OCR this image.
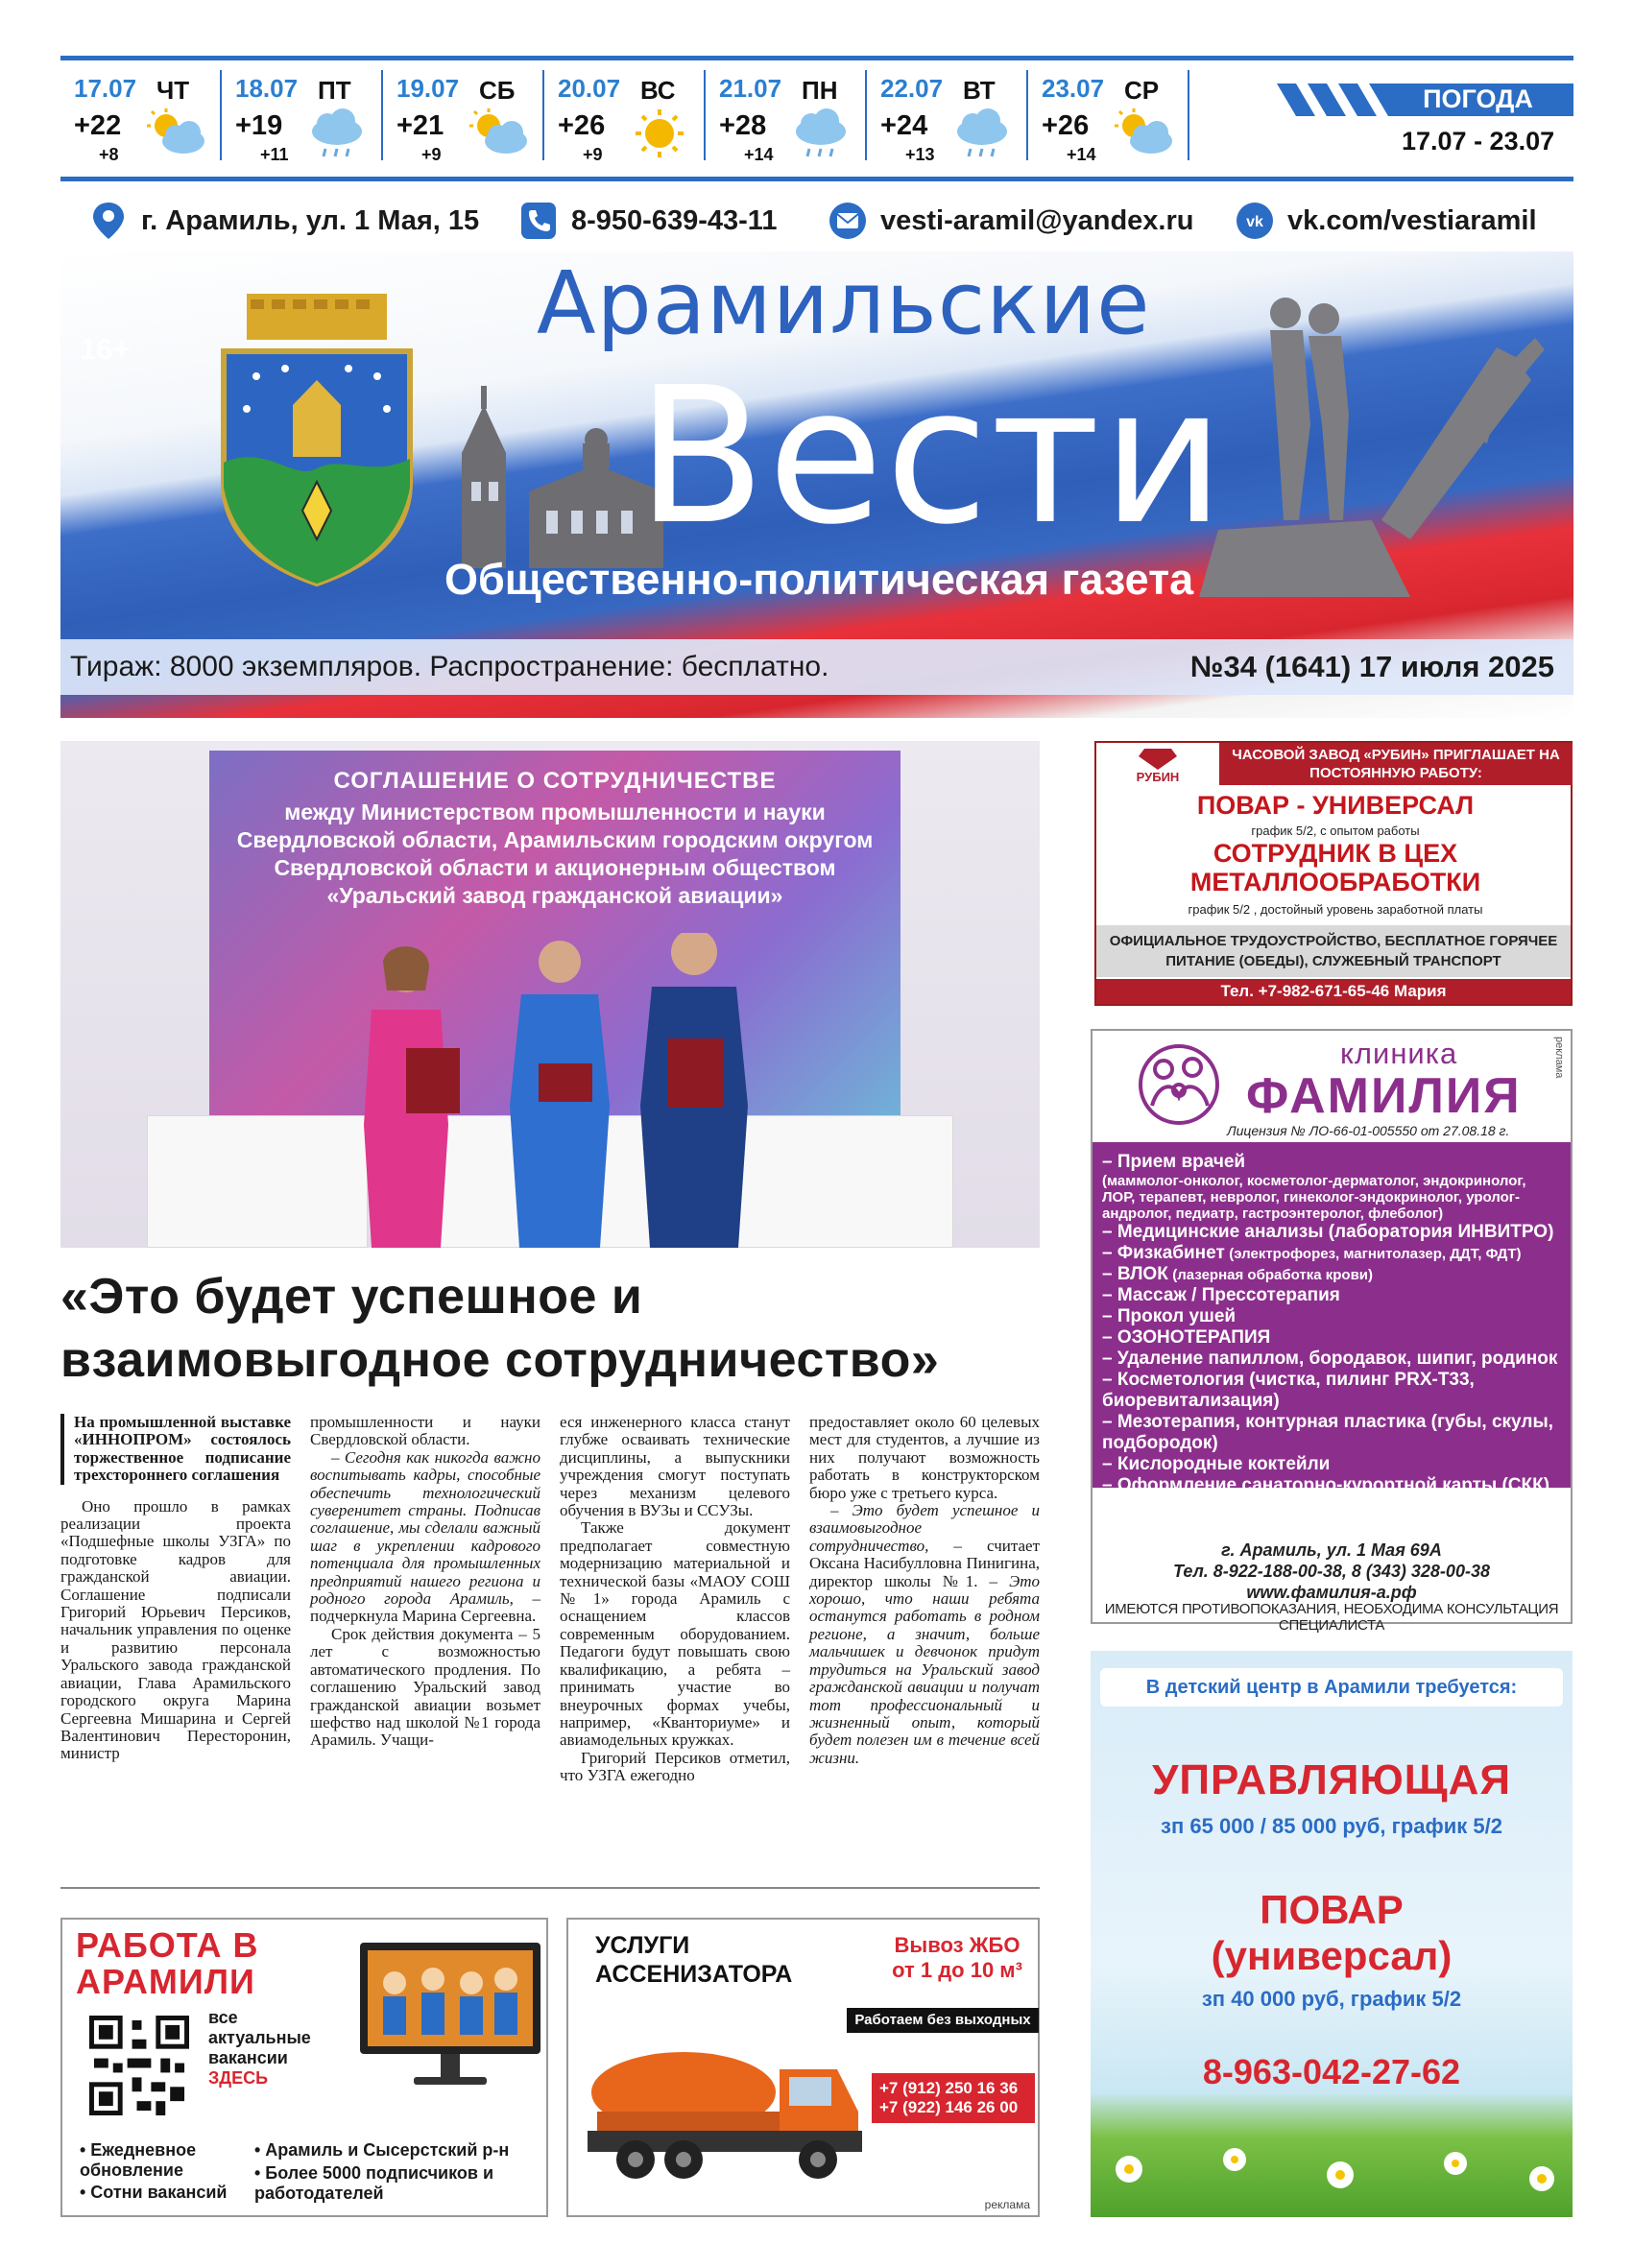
17.07 ЧТ
+22
+8
18.07 ПТ
+19
+11
19.07 СБ
+21
+9
20.07 ВС
+26
+9
21.07 ПН
+28
+14
22.07 ВТ
+24
+13
23.07 СР
+26
+14
ПОГОДА
17.07 - 23.07
г. Арамиль, ул. 1 Мая, 15	8-950-639-43-11	vesti-aramil@yandex.ru	vk vk.com/vestiaramil
16+	Арамильские
Вести
Общественно-политическая газета
Тираж: 8000 экземпляров. Распространение: бесплатно.	№34 (1641) 17 июля 2025
СОГЛАШЕНИЕ О СОТРУДНИЧЕСТВЕ
между Министерством промышленности и науки Свердловской области, Арамильским городским округом Свердловской области и акционерным обществом «Уральский завод гражданской авиации»
«Это будет успешное и взаимовыгодное сотрудничество»
На промышленной выставке «ИННОПРОМ» состоялось торжественное подписание трехстороннего соглашения

Оно прошло в рамках реализации проекта «Подшефные школы УЗГА» по подготовке кадров для гражданской авиации. Соглашение подписали Григорий Юрьевич Персиков, начальник управления по оценке и развитию персонала Уральского завода гражданской авиации, Глава Арамильского городского округа Марина Сергеевна Мишарина и Сергей Валентинович Пересторонин, министр

промышленности и науки Свердловской области.

– Сегодня как никогда важно воспитывать кадры, способные обеспечить технологический суверенитет страны. Подписав соглашение, мы сделали важный шаг в укреплении кадрового потенциала для промышленных предприятий нашего региона и родного города Арамиль, – подчеркнула Марина Сергеевна.

Срок действия документа – 5 лет с возможностью автоматического продления. По соглашению Уральский завод гражданской авиации возьмет шефство над школой №1 города Арамиль. Учащи-

еся инженерного класса станут глубже осваивать технические дисциплины, а выпускники учреждения смогут поступать через механизм целевого обучения в ВУЗы и ССУЗы.

Также документ предполагает совместную модернизацию материальной и технической базы «МАОУ СОШ №1» города Арамиль с оснащением классов современным оборудованием. Педагоги будут повышать свою квалификацию, а ребята – принимать участие во внеурочных формах учебы, например, «Кванториуме» и авиамодельных кружках.

Григорий Персиков отметил, что УЗГА ежегодно

предоставляет около 60 целевых мест для студентов, а лучшие из них получают возможность работать в конструкторском бюро уже с третьего курса.

– Это будет успешное и взаимовыгодное сотрудничество, – считает Оксана Насибулловна Пинигина, директор школы №1. – Это хорошо, что наши ребята останутся работать в родном регионе, а значит, больше мальчишек и девчонок придут трудиться на Уральский завод гражданской авиации и получат тот профессиональный и жизненный опыт, который будет полезен им в течение всей жизни.

РУБИН
ЧАСОВОЙ ЗАВОД «РУБИН» ПРИГЛАШАЕТ НА ПОСТОЯННУЮ РАБОТУ:
ПОВАР - УНИВЕРСАЛ
график 5/2, с опытом работы
СОТРУДНИК В ЦЕХ МЕТАЛЛООБРАБОТКИ
график 5/2 , достойный уровень заработной платы
ОФИЦИАЛЬНОЕ ТРУДОУСТРОЙСТВО, БЕСПЛАТНОЕ ГОРЯЧЕЕ ПИТАНИЕ (ОБЕДЫ), СЛУЖЕБНЫЙ ТРАНСПОРТ
Тел. +7-982-671-65-46 Мария
клиника
ФАМИЛИЯ
Лицензия № ЛО-66-01-005550 от 27.08.18 г.
реклама
– Прием врачей
(маммолог-онколог, косметолог-дерматолог, эндокринолог, ЛОР, терапевт, невролог, гинеколог-эндокринолог, уролог-андролог, педиатр, гастроэнтеролог, флеболог)
– Медицинские анализы (лаборатория ИНВИТРО)
– Физкабинет (электрофорез, магнитолазер, ДДТ, ФДТ)
– ВЛОК (лазерная обработка крови)
– Массаж / Прессотерапия
– Прокол ушей
– ОЗОНОТЕРАПИЯ
– Удаление папиллом, бородавок, шипиг, родинок
– Косметология (чистка, пилинг PRX-T33, биоревитализация)
– Мезотерапия, контурная пластика (губы, скулы, подбородок)
– Кислородные коктейли
– Оформление санаторно-курортной карты (СКК)
– ВСЕ ВИДЫ УЗИ
г. Арамиль, ул. 1 Мая 69А
Тел. 8-922-188-00-38, 8 (343) 328-00-38
www.фамилия-а.рф
ИМЕЮТСЯ ПРОТИВОПОКАЗАНИЯ, НЕОБХОДИМА КОНСУЛЬТАЦИЯ СПЕЦИАЛИСТА
В детский центр в Арамили требуется:
УПРАВЛЯЮЩАЯ
зп 65 000 / 85 000 руб, график 5/2
ПОВАР
(универсал)
зп 40 000 руб, график 5/2
8-963-042-27-62
РАБОТА В
АРАМИЛИ
все
актуальные
вакансии
ЗДЕСЬ
• Ежедневное обновление
• Сотни вакансий
• Арамиль и Сысерстский р-н
• Более 5000 подписчиков и работодателей
УСЛУГИ
АССЕНИЗАТОРА
Вывоз ЖБО
от 1 до 10 м³
Работаем без выходных
+7 (912) 250 16 36
+7 (922) 146 26 00
реклама
